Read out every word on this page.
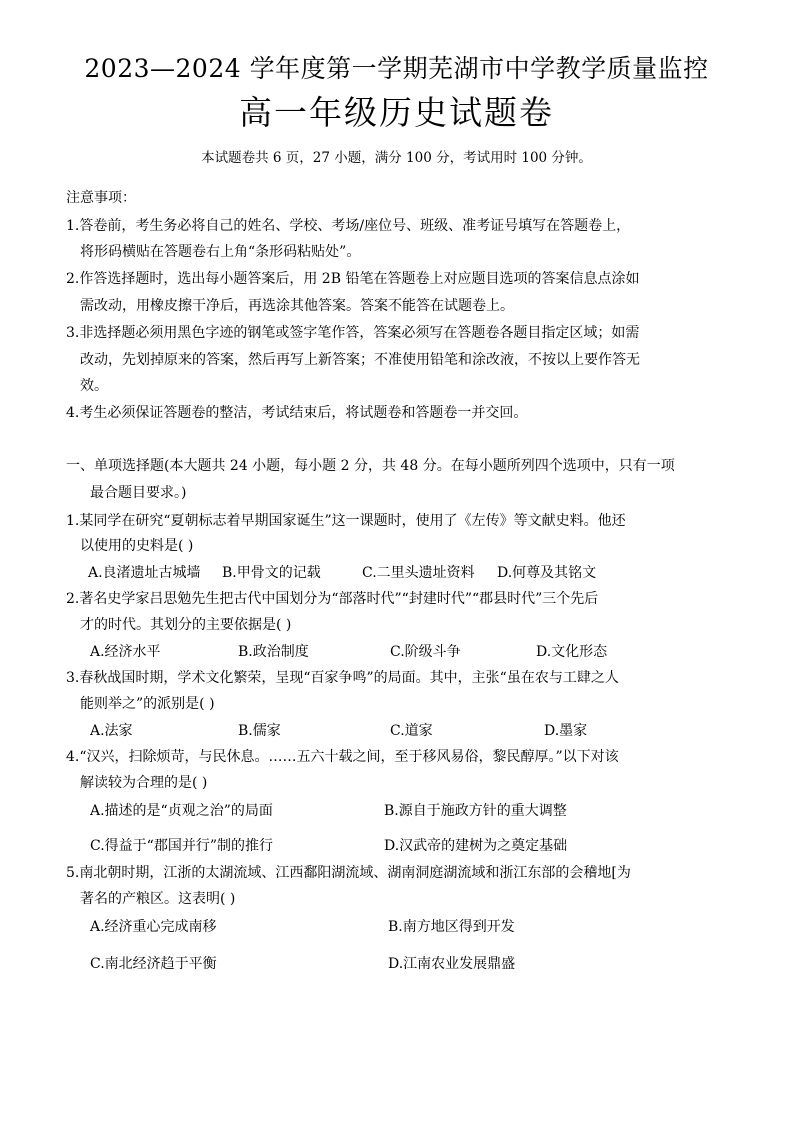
2023—2024 学年度第一学期芜湖市中学教学质量监控
高一年级历史试题卷
本试题卷共 6 页，27 小题，满分 100 分，考试用时 100 分钟。
注意事项：
1.答卷前，考生务必将自己的姓名、学校、考场/座位号、班级、准考证号填写在答题卷上，
将形码横贴在答题卷右上角“条形码粘贴处”。
2.作答选择题时，选出每小题答案后，用 2B 铅笔在答题卷上对应题目选项的答案信息点涂如
需改动，用橡皮擦干净后，再选涂其他答案。答案不能答在试题卷上。
3.非选择题必须用黑色字迹的钢笔或签字笔作答，答案必须写在答题卷各题目指定区域；如需
改动，先划掉原来的答案，然后再写上新答案；不准使用铅笔和涂改液，不按以上要作答无
效。
4.考生必须保证答题卷的整洁，考试结束后，将试题卷和答题卷一并交回。
一、单项选择题(本大题共 24 小题，每小题 2 分，共 48 分。在每小题所列四个选项中，只有一项
最合题目要求。)
1.某同学在研究“夏朝标志着早期国家诞生”这一课题时，使用了《左传》等文献史料。他还
以使用的史料是( )
A.良渚遗址古城墙 B.甲骨文的记载	C.二里头遗址资料 D.何尊及其铭文
2.著名史学家吕思勉先生把古代中国划分为“部落时代”“封建时代”“郡县时代”三个先后
才的时代。其划分的主要依据是( )
A.经济水平	B.政治制度	C.阶级斗争	D.文化形态
3.春秋战国时期，学术文化繁荣，呈现“百家争鸣”的局面。其中，主张“虽在农与工肆之人
能则举之”的派别是( )
A.法家	B.儒家	C.道家	D.墨家
4.“汉兴，扫除烦苛，与民休息。……五六十载之间，至于移风易俗，黎民醇厚。”以下对该
解读较为合理的是( )
A.描述的是“贞观之治”的局面	B.源自于施政方针的重大调整
C.得益于“郡国并行”制的推行	D.汉武帝的建树为之奠定基础
5.南北朝时期，江浙的太湖流域、江西鄱阳湖流域、湖南洞庭湖流域和浙江东部的会稽地[为
著名的产粮区。这表明( )
A.经济重心完成南移	B.南方地区得到开发
C.南北经济趋于平衡	D.江南农业发展鼎盛
